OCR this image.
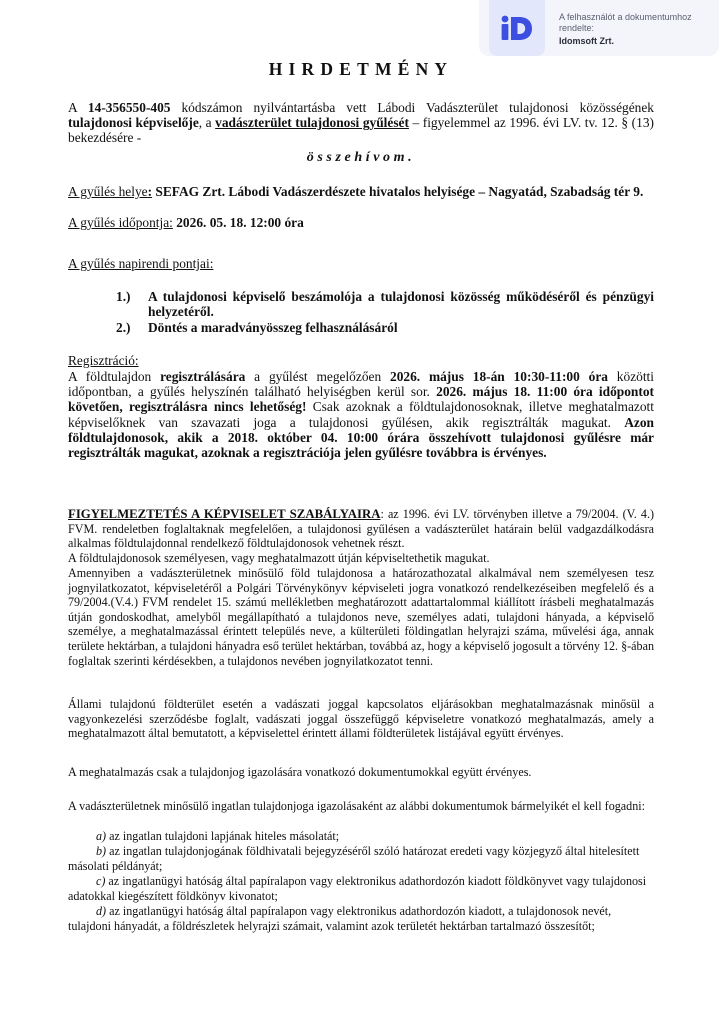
A felhasználót a dokumentumhoz
rendelte:
Idomsoft Zrt.
HIRDETMÉNY
A 14-356550-405 kódszámon nyilvántartásba vett Lábodi Vadászterület tulajdonosi közösségének tulajdonosi képviselője, a vadászterület tulajdonosi gyűlését – figyelemmel az 1996. évi LV. tv. 12. § (13) bekezdésére -
összehívom.
A gyűlés helye: SEFAG Zrt. Lábodi Vadászerdészete hivatalos helyisége – Nagyatád, Szabadság tér 9.
A gyűlés időpontja: 2026. 05. 18. 12:00 óra
A gyűlés napirendi pontjai:
1.) A tulajdonosi képviselő beszámolója a tulajdonosi közösség működéséről és pénzügyi helyzetéről.
2.) Döntés a maradványösszeg felhasználásáról
Regisztráció:
A földtulajdon regisztrálására a gyűlést megelőzően 2026. május 18-án 10:30-11:00 óra közötti időpontban, a gyűlés helyszínén található helyiségben kerül sor. 2026. május 18. 11:00 óra időpontot követően, regisztrálásra nincs lehetőség! Csak azoknak a földtulajdonosoknak, illetve meghatalmazott képviselőknek van szavazati joga a tulajdonosi gyűlésen, akik regisztrálták magukat. Azon földtulajdonosok, akik a 2018. október 04. 10:00 órára összehívott tulajdonosi gyűlésre már regisztrálták magukat, azoknak a regisztrációja jelen gyűlésre továbbra is érvényes.
FIGYELMEZTETÉS A KÉPVISELET SZABÁLYAIRA: az 1996. évi LV. törvényben illetve a 79/2004. (V. 4.) FVM. rendeletben foglaltaknak megfelelően, a tulajdonosi gyűlésen a vadászterület határain belül vadgazdálkodásra alkalmas földtulajdonnal rendelkező földtulajdonosok vehetnek részt.
A földtulajdonosok személyesen, vagy meghatalmazott útján képviseltethetik magukat.
Amennyiben a vadászterületnek minősülő föld tulajdonosa a határozathozatal alkalmával nem személyesen tesz jognyilatkozatot, képviseletéről a Polgári Törvénykönyv képviseleti jogra vonatkozó rendelkezéseiben megfelelő és a 79/2004.(V.4.) FVM rendelet 15. számú mellékletben meghatározott adattartalommal kiállított írásbeli meghatalmazás útján gondoskodhat, amelyből megállapítható a tulajdonos neve, személyes adati, tulajdoni hányada, a képviselő személye, a meghatalmazással érintett település neve, a külterületi földingatlan helyrajzi száma, művelési ága, annak területe hektárban, a tulajdoni hányadra eső terület hektárban, továbbá az, hogy a képviselő jogosult a törvény 12. §-ában foglaltak szerinti kérdésekben, a tulajdonos nevében jognyilatkozatot tenni.
Állami tulajdonú földterület esetén a vadászati joggal kapcsolatos eljárásokban meghatalmazásnak minősül a vagyonkezelési szerződésbe foglalt, vadászati joggal összefüggő képviseletre vonatkozó meghatalmazás, amely a meghatalmazott által bemutatott, a képviselettel érintett állami földterületek listájával együtt érvényes.
A meghatalmazás csak a tulajdonjog igazolására vonatkozó dokumentumokkal együtt érvényes.
A vadászterületnek minősülő ingatlan tulajdonjoga igazolásaként az alábbi dokumentumok bármelyikét el kell fogadni:
a) az ingatlan tulajdoni lapjának hiteles másolatát;
b) az ingatlan tulajdonjogának földhivatali bejegyzéséről szóló határozat eredeti vagy közjegyző által hitelesített másolati példányát;
c) az ingatlanügyi hatóság által papíralapon vagy elektronikus adathordozón kiadott földkönyvet vagy tulajdonosi adatokkal kiegészített földkönyv kivonatot;
d) az ingatlanügyi hatóság által papíralapon vagy elektronikus adathordozón kiadott, a tulajdonosok nevét, tulajdoni hányadát, a földrészletek helyrajzi számait, valamint azok területét hektárban tartalmazó összesítőt;
